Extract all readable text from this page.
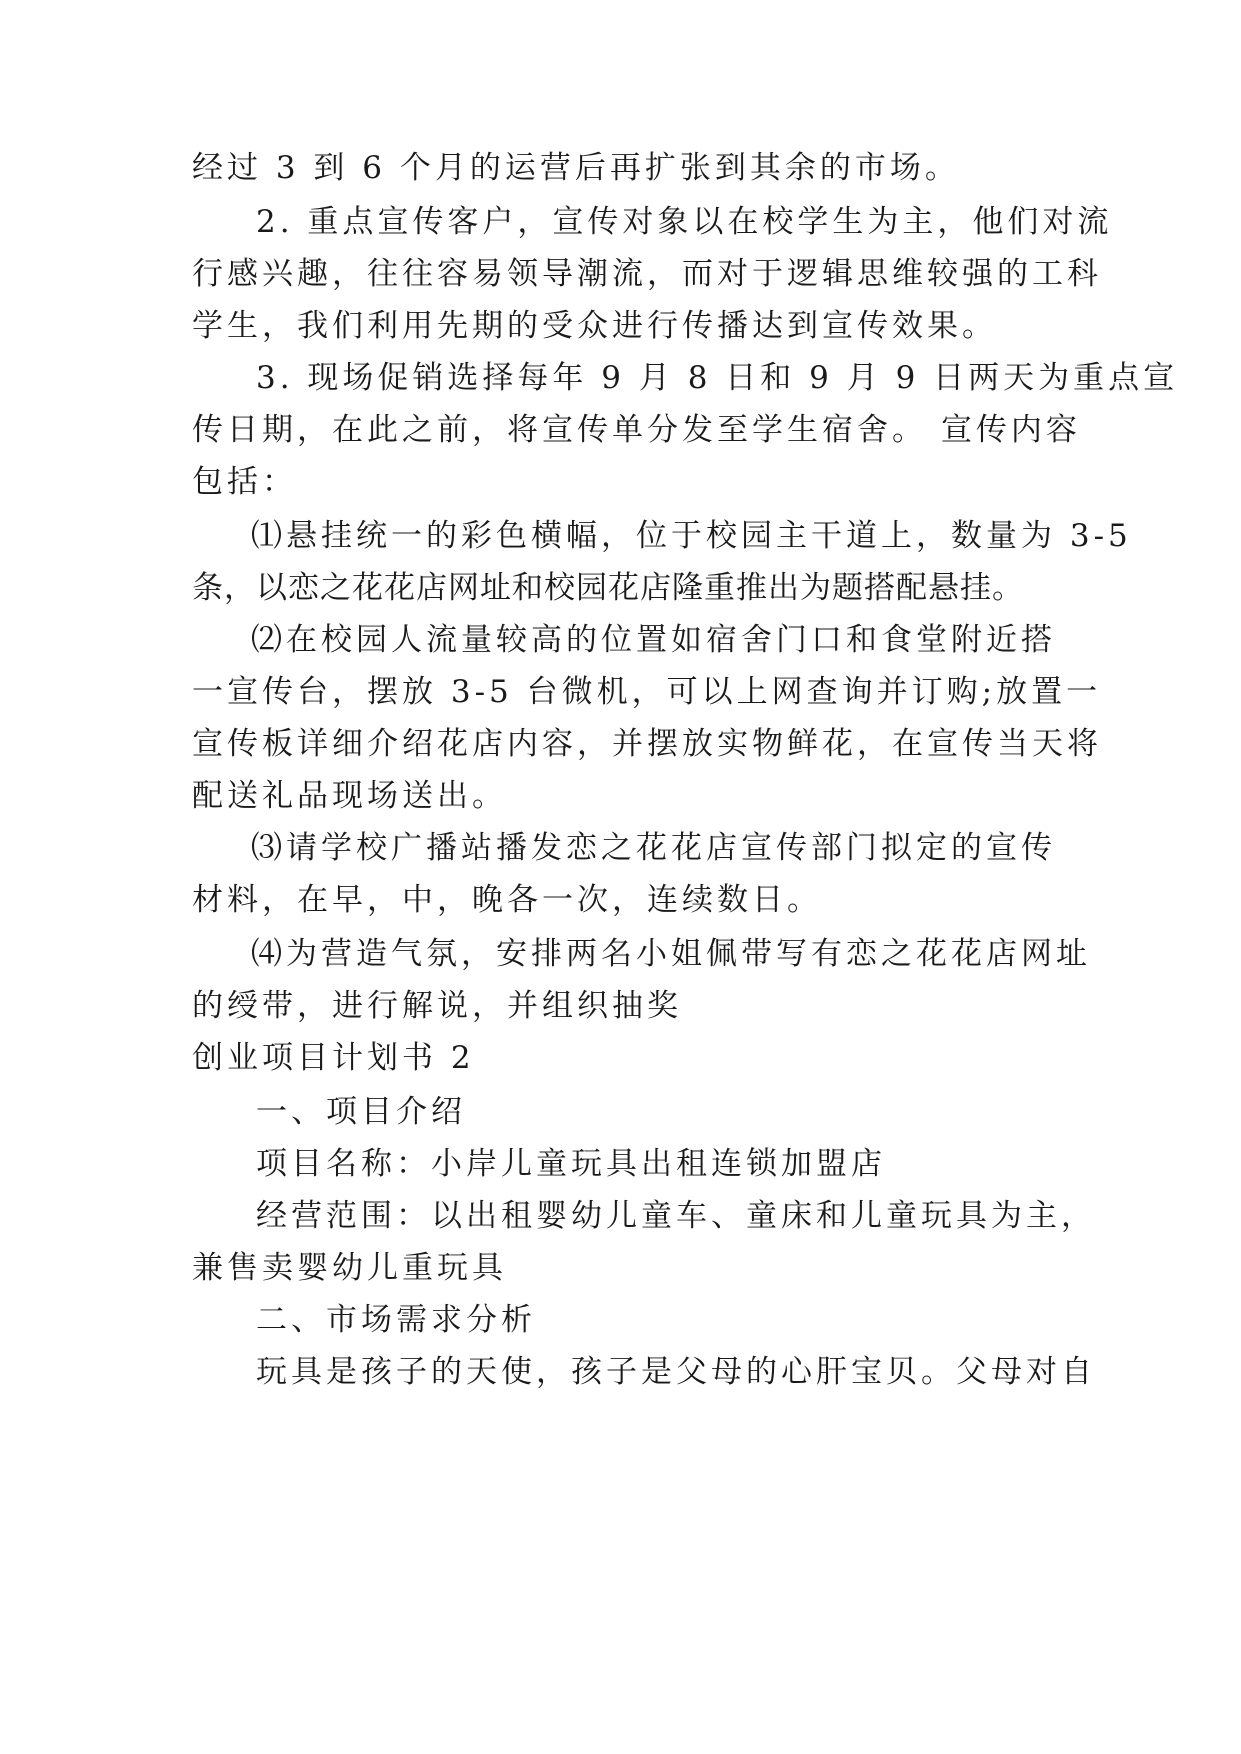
经过 3 到 6 个月的运营后再扩张到其余的市场。
2. 重点宣传客户，宣传对象以在校学生为主，他们对流
行感兴趣，往往容易领导潮流，而对于逻辑思维较强的工科
学生，我们利用先期的受众进行传播达到宣传效果。
3. 现场促销选择每年 9 月 8 日和 9 月 9 日两天为重点宣
传日期，在此之前，将宣传单分发至学生宿舍。 宣传内容
包括：
⑴悬挂统一的彩色横幅，位于校园主干道上，数量为 3-5
条，以恋之花花店网址和校园花店隆重推出为题搭配悬挂。
⑵在校园人流量较高的位置如宿舍门口和食堂附近搭
一宣传台，摆放 3-5 台微机，可以上网查询并订购;放置一
宣传板详细介绍花店内容，并摆放实物鲜花，在宣传当天将
配送礼品现场送出。
⑶请学校广播站播发恋之花花店宣传部门拟定的宣传
材料，在早，中，晚各一次，连续数日。
⑷为营造气氛，安排两名小姐佩带写有恋之花花店网址
的绶带，进行解说，并组织抽奖
创业项目计划书 2
一、项目介绍
项目名称：小岸儿童玩具出租连锁加盟店
经营范围：以出租婴幼儿童车、童床和儿童玩具为主，
兼售卖婴幼儿重玩具
二、市场需求分析
玩具是孩子的天使，孩子是父母的心肝宝贝。父母对自
